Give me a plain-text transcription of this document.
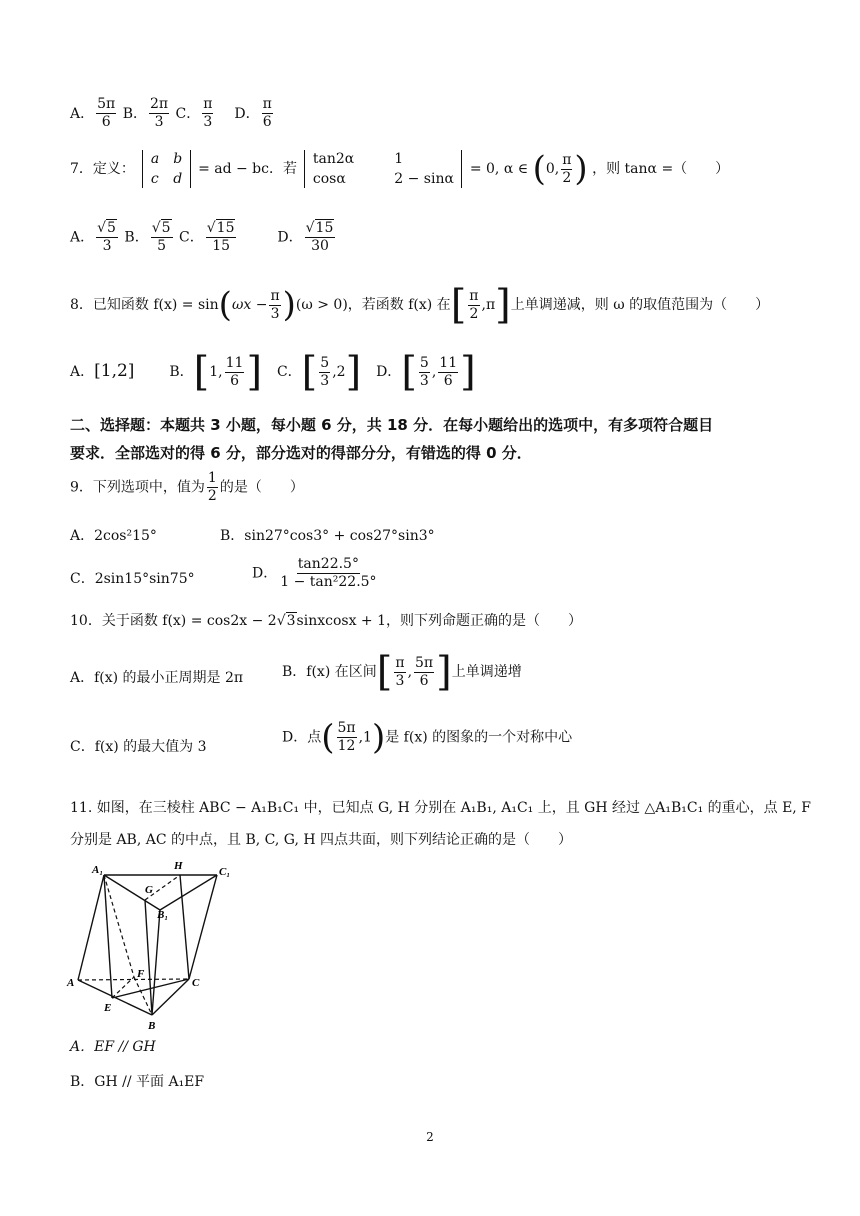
A． $\frac{5\pi}{6}$ B． $\frac{2\pi}{3}$ C． $\frac{\pi}{3}$ D． $\frac{\pi}{6}$
7．定义：
a b
c d
= ad − bc．若
tan2α	1
cosα	2 − sinα
= 0, α ∈ (0, $\frac{\pi}{2}$ ) ，则 tanα =（　　）
A． √ $\frac{5}{3}$ B． √ $\frac{5}{5}$ C． √ $\frac{15}{15}$	D． √ $\frac{15}{30}$
8．已知函数 $f(x) = \sin(\omega x - \frac{\pi}{3} )(\omega > 0)$，若函数 f(x) 在[ $\frac{\pi}{2} ,\pi$]上单调递减，则 ω 的取值范围为（　　）
A．[1,2] B．[1, $\frac{11}{6}$ ] C．[ $\frac{5}{3} ,2$] D．[ $\frac{5}{3}$ , $\frac{11}{6}$ ]
二、选择题：本题共 3 小题，每小题 6 分，共 18 分．在每小题给出的选项中，有多项符合题目
要求．全部选对的得 6 分，部分选对的得部分分，有错选的得 0 分．
9．下列选项中，值为 $\frac{1}{2}$ 的是（　　）
A．2cos²15°	B．sin27°cos3° + cos27°sin3°
C．2sin15°sin75°	D． $\frac{\tan 22.5^\circ}{\text{1 − tan²22.5°}}$
10．关于函数 f(x) = cos2x − 2 √ 3sinxcosx + 1，则下列命题正确的是（　　）
A．f(x) 的最小正周期是 2π	B．f(x) 在区间[ $\frac{\pi}{3}$ , $\frac{5\pi}{6}$ ]上单调递增
C．f(x) 的最大值为 3
D．点( $\frac{5\pi}{12} ,1$)是 f(x) 的图象的一个对称中心
11. 如图，在三棱柱 ABC − A₁B₁C₁ 中，已知点 G, H 分别在 A₁B₁, A₁C₁ 上，且 GH 经过 △A₁B₁C₁ 的重心，点 E, F
分别是 AB, AC 的中点，且 B, C, G, H 四点共面，则下列结论正确的是（　　）
A₁	H	C₁
G
B₁
F
A	C
E
B
A．EF // GH
B．GH // 平面 A₁EF
2
